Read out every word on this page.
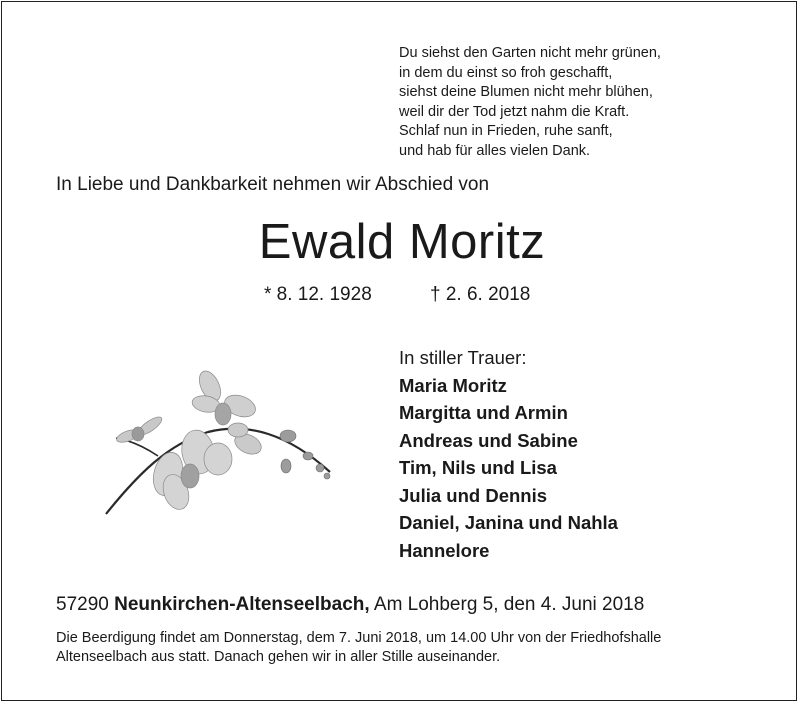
Du siehst den Garten nicht mehr grünen,
in dem du einst so froh geschafft,
siehst deine Blumen nicht mehr blühen,
weil dir der Tod jetzt nahm die Kraft.
Schlaf nun in Frieden, ruhe sanft,
und hab für alles vielen Dank.
In Liebe und Dankbarkeit nehmen wir Abschied von
Ewald Moritz
* 8. 12. 1928	† 2. 6. 2018
In stiller Trauer:
Maria Moritz
Margitta und Armin
Andreas und Sabine
Tim, Nils und Lisa
Julia und Dennis
Daniel, Janina und Nahla
Hannelore
57290 Neunkirchen-Altenseelbach, Am Lohberg 5, den 4. Juni 2018
Die Beerdigung findet am Donnerstag, dem 7. Juni 2018, um 14.00 Uhr von der Friedhofshalle
Altenseelbach aus statt. Danach gehen wir in aller Stille auseinander.
